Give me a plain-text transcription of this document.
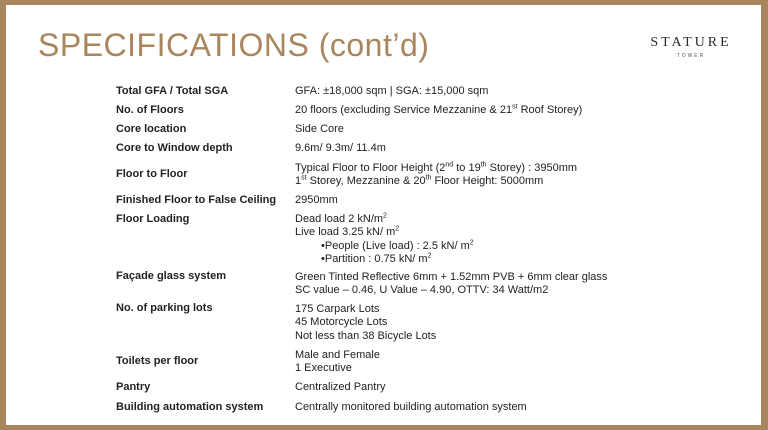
SPECIFICATIONS (cont’d)	STATURE
TOWER
Total GFA / Total SGA	GFA: ±18,000 sqm | SGA: ±15,000 sqm

No. of Floors	20 floors (excluding Service Mezzanine & 21st Roof Storey)

Core location	Side Core

Core to Window depth	9.6m/ 9.3m/ 11.4m

Floor to Floor	Typical Floor to Floor Height (2nd to 19th Storey) : 3950mm
1st Storey, Mezzanine & 20th Floor Height: 5000mm

Finished Floor to False Ceiling	2950mm

Floor Loading	Dead load 2 $kN/m^2$
Live load 3.25 kN/ $m^2$
•People (Live load) : 2.5 kN/ $m^2$
•Partition : 0.75 kN/ $m^2$

Façade glass system	Green Tinted Reflective 6mm + 1.52mm PVB + 6mm clear glass
SC value – 0.46, U Value – 4.90, OTTV: 34 Watt/m2

No. of parking lots	175 Carpark Lots
45 Motorcycle Lots
Not less than 38 Bicycle Lots

Toilets per floor	Male and Female
1 Executive

Pantry	Centralized Pantry

Building automation system	Centrally monitored building automation system
